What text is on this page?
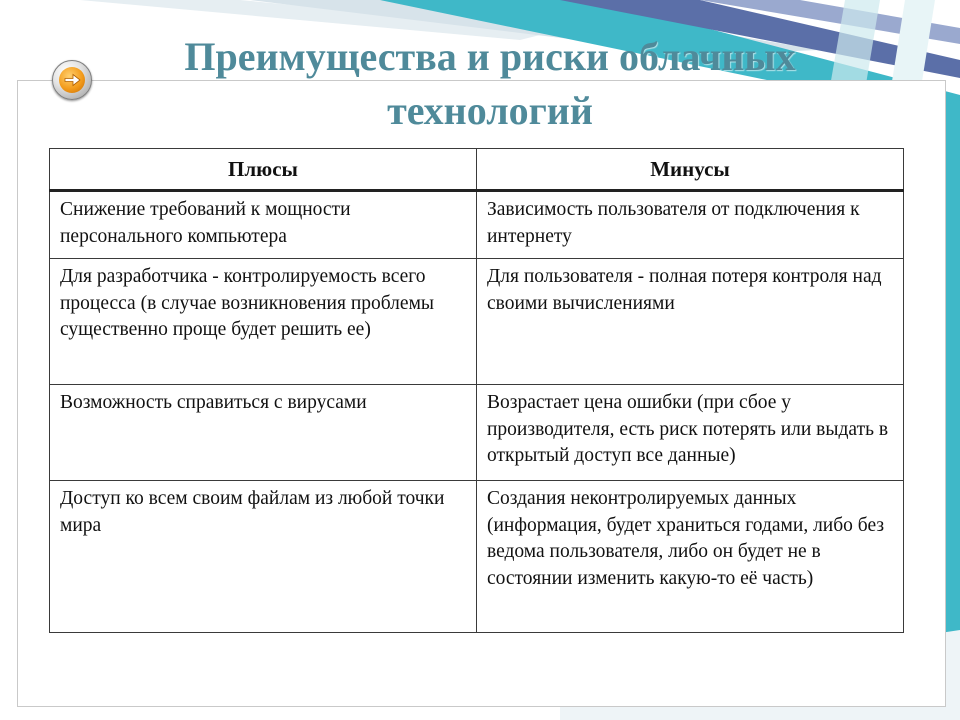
Преимущества и риски облачных
технологий
Плюсы	Минусы
Снижение требований к мощности персонального компьютера	Зависимость пользователя от подключения к интернету
Для разработчика - контролируемость всего процесса (в случае возникновения проблемы существенно проще будет решить ее)	Для пользователя - полная потеря контроля над своими вычислениями
Возможность справиться с вирусами	Возрастает цена ошибки (при сбое у производителя, есть риск потерять или выдать в открытый доступ все данные)
Доступ ко всем своим файлам из любой точки мира	Создания неконтролируемых данных (информация, будет храниться годами, либо без ведома пользователя, либо он будет не в состоянии изменить какую-то её часть)
